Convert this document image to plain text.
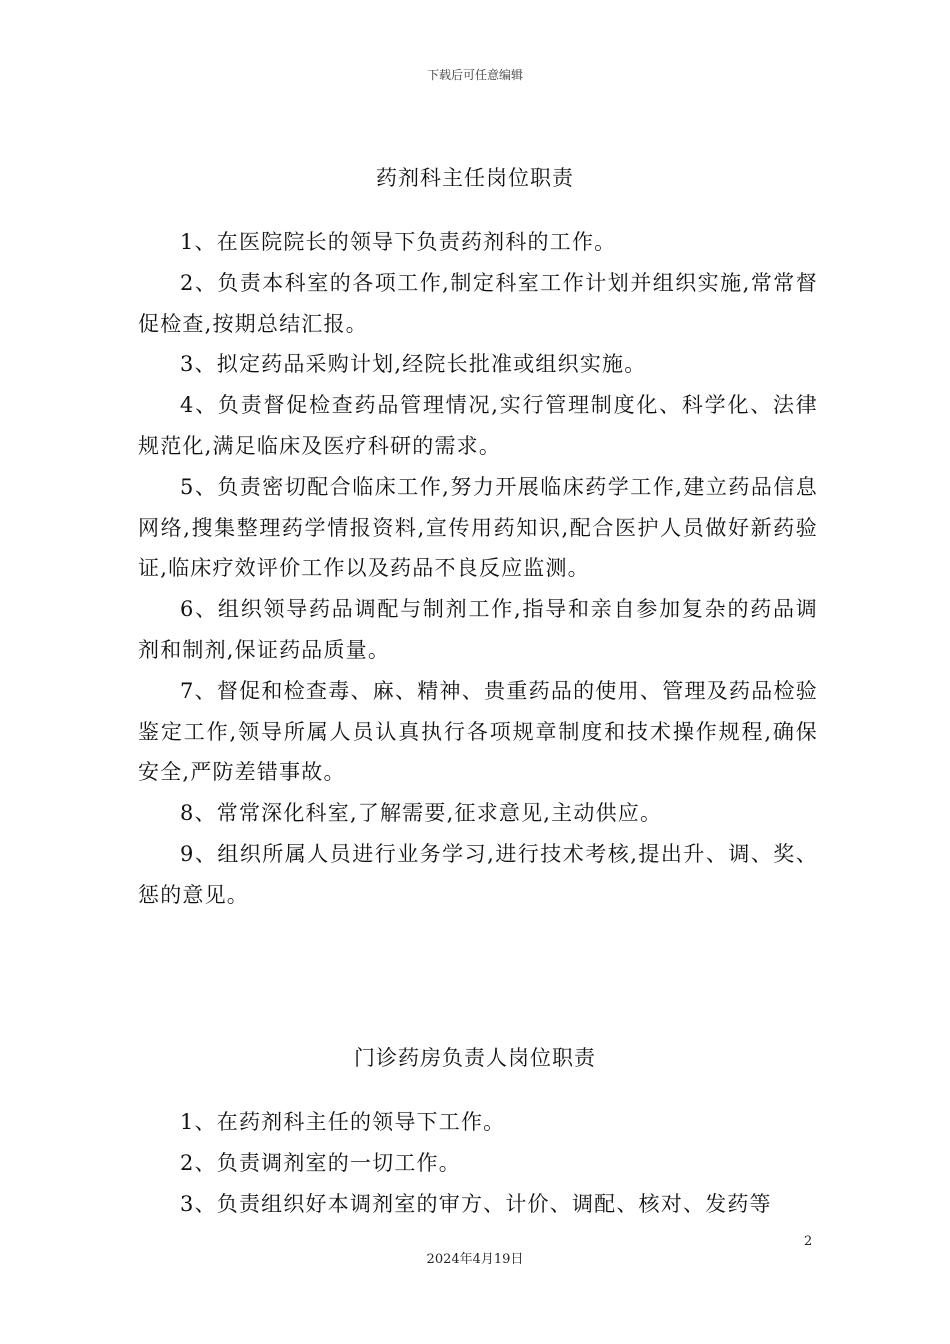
下载后可任意编辑
药剂科主任岗位职责

1、在医院院长的领导下负责药剂科的工作。

2、负责本科室的各项工作,制定科室工作计划并组织实施,常常督促检查,按期总结汇报。

3、拟定药品采购计划,经院长批准或组织实施。

4、负责督促检查药品管理情况,实行管理制度化、科学化、法律规范化,满足临床及医疗科研的需求。

5、负责密切配合临床工作,努力开展临床药学工作,建立药品信息网络,搜集整理药学情报资料,宣传用药知识,配合医护人员做好新药验证,临床疗效评价工作以及药品不良反应监测。

6、组织领导药品调配与制剂工作,指导和亲自参加复杂的药品调剂和制剂,保证药品质量。

7、督促和检查毒、麻、精神、贵重药品的使用、管理及药品检验鉴定工作,领导所属人员认真执行各项规章制度和技术操作规程,确保安全,严防差错事故。

8、常常深化科室,了解需要,征求意见,主动供应。

9、组织所属人员进行业务学习,进行技术考核,提出升、调、奖、惩的意见。

门诊药房负责人岗位职责

1、在药剂科主任的领导下工作。

2、负责调剂室的一切工作。

3、负责组织好本调剂室的审方、计价、调配、核对、发药等

2
2024年4月19日
